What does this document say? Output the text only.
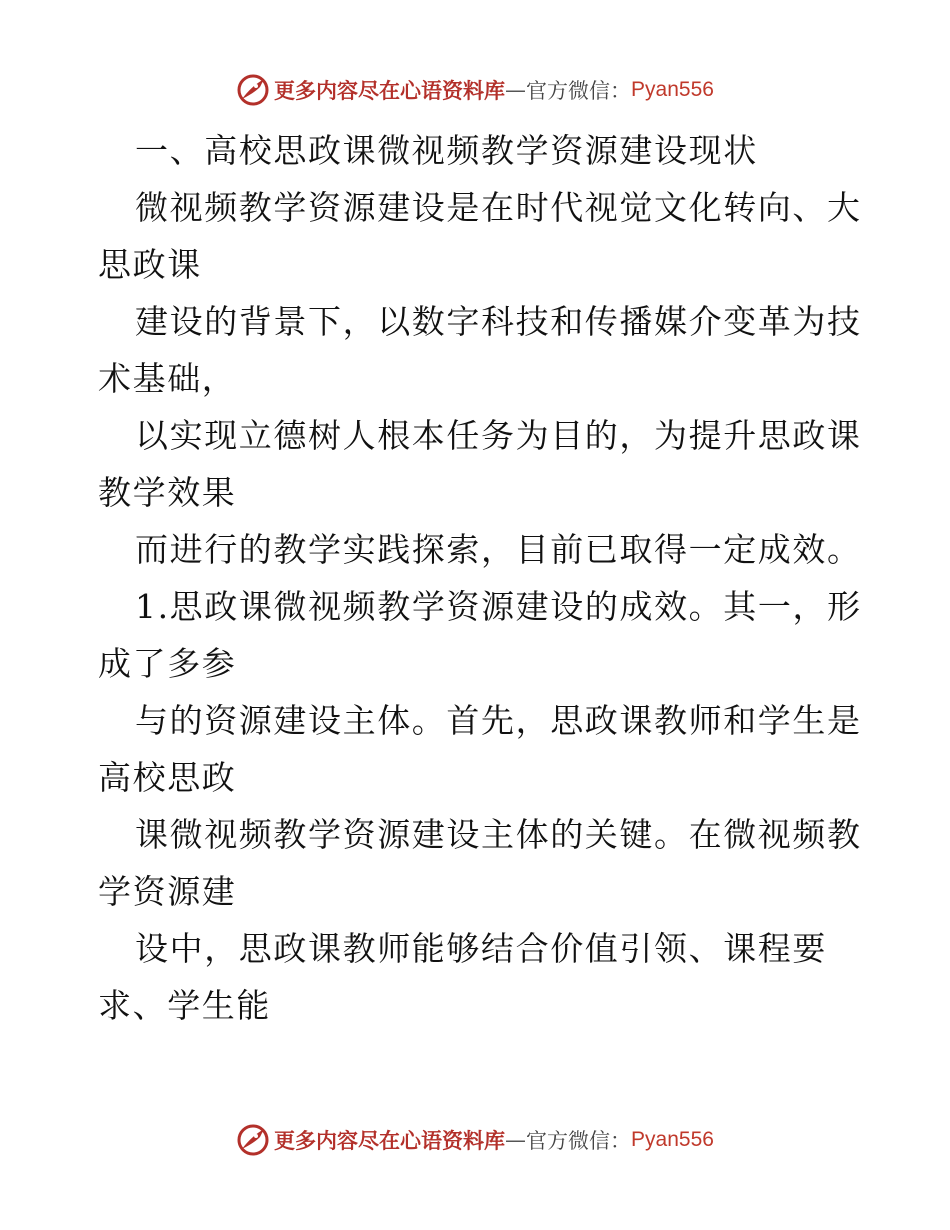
更多内容尽在心语资料库 — 官方微信： Pyan556
一、高校思政课微视频教学资源建设现状
微视频教学资源建设是在时代视觉文化转向、大
思政课
建设的背景下，以数字科技和传播媒介变革为技
术基础，
以实现立德树人根本任务为目的，为提升思政课
教学效果
而进行的教学实践探索，目前已取得一定成效。
1.思政课微视频教学资源建设的成效。其一，形
成了多参
与的资源建设主体。首先，思政课教师和学生是
高校思政
课微视频教学资源建设主体的关键。在微视频教
学资源建
设中，思政课教师能够结合价值引领、课程要
求、学生能
更多内容尽在心语资料库 — 官方微信： Pyan556
